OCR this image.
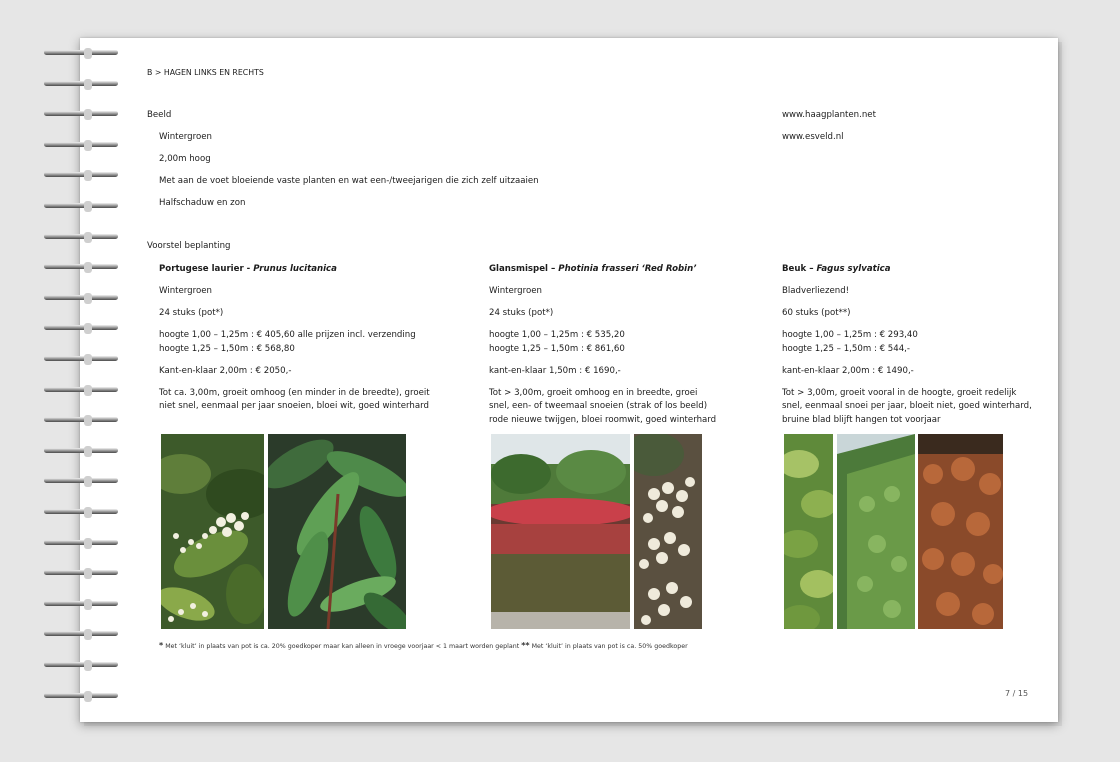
B > HAGEN LINKS EN RECHTS
Beeld
Wintergroen
2,00m hoog
Met aan de voet bloeiende vaste planten en wat een-/tweejarigen die zich zelf uitzaaien
Halfschaduw en zon
www.haagplanten.net
www.esveld.nl
Voorstel beplanting
Portugese laurier - Prunus lucitanica
Wintergroen
24 stuks (pot*)
hoogte 1,00 – 1,25m : € 405,60 alle prijzen incl. verzending
hoogte 1,25 – 1,50m : € 568,80
Kant-en-klaar 2,00m : € 2050,-
Tot ca. 3,00m, groeit omhoog (en minder in de breedte), groeit
niet snel, eenmaal per jaar snoeien, bloei wit, goed winterhard
Glansmispel – Photinia frasseri ‘Red Robin’
Wintergroen
24 stuks (pot*)
hoogte 1,00 – 1,25m : € 535,20
hoogte 1,25 – 1,50m : € 861,60
kant-en-klaar 1,50m : € 1690,-
Tot > 3,00m, groeit omhoog en in breedte, groei
snel, een- of tweemaal snoeien (strak of los beeld)
rode nieuwe twijgen, bloei roomwit, goed winterhard
Beuk – Fagus sylvatica
Bladverliezend!
60 stuks (pot**)
hoogte 1,00 – 1,25m : € 293,40
hoogte 1,25 – 1,50m : € 544,-
kant-en-klaar 2,00m : € 1490,-
Tot > 3,00m, groeit vooral in de hoogte, groeit redelijk
snel, eenmaal snoei per jaar, bloeit niet, goed winterhard,
bruine blad blijft hangen tot voorjaar
* Met ‘kluit’ in plaats van pot is ca. 20% goedkoper maar kan alleen in vroege voorjaar < 1 maart worden geplant ** Met ‘kluit’ in plaats van pot is ca. 50% goedkoper
7 / 15
